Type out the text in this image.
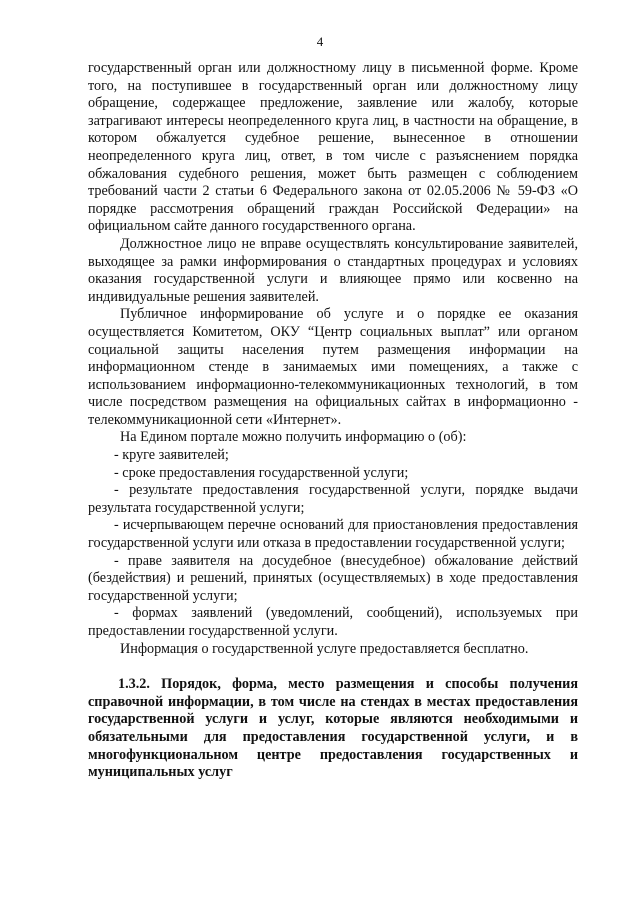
4

государственный орган или должностному лицу в письменной форме. Кроме того, на поступившее в государственный орган или должностному лицу обращение, содержащее предложение, заявление или жалобу, которые затрагивают интересы неопределенного круга лиц, в частности на обращение, в котором обжалуется судебное решение, вынесенное в отношении неопределенного круга лиц, ответ, в том числе с разъяснением порядка обжалования судебного решения, может быть размещен с соблюдением требований части 2 статьи 6 Федерального закона от 02.05.2006 № 59-ФЗ «О порядке рассмотрения обращений граждан Российской Федерации» на официальном сайте данного государственного органа.

Должностное лицо не вправе осуществлять консультирование заявителей, выходящее за рамки информирования о стандартных процедурах и условиях оказания государственной услуги и влияющее прямо или косвенно на индивидуальные решения заявителей.

Публичное информирование об услуге и о порядке ее оказания осуществляется Комитетом, ОКУ “Центр социальных выплат” или органом социальной защиты населения путем размещения информации на информационном стенде в занимаемых ими помещениях, а также с использованием информационно-телекоммуникационных технологий, в том числе посредством размещения на официальных сайтах в информационно - телекоммуникационной сети «Интернет».

На Едином портале можно получить информацию о (об):

- круге заявителей;

- сроке предоставления государственной услуги;

- результате предоставления государственной услуги, порядке выдачи результата государственной услуги;

- исчерпывающем перечне оснований для приостановления предоставления государственной услуги или отказа в предоставлении государственной услуги;

- праве заявителя на досудебное (внесудебное) обжалование действий (бездействия) и решений, принятых (осуществляемых) в ходе предоставления государственной услуги;

- формах заявлений (уведомлений, сообщений), используемых при предоставлении государственной услуги.

Информация о государственной услуге предоставляется бесплатно.

1.3.2. Порядок, форма, место размещения и способы получения справочной информации, в том числе на стендах в местах предоставления государственной услуги и услуг, которые являются необходимыми и обязательными для предоставления государственной услуги, и в многофункциональном центре предоставления государственных и муниципальных услуг
